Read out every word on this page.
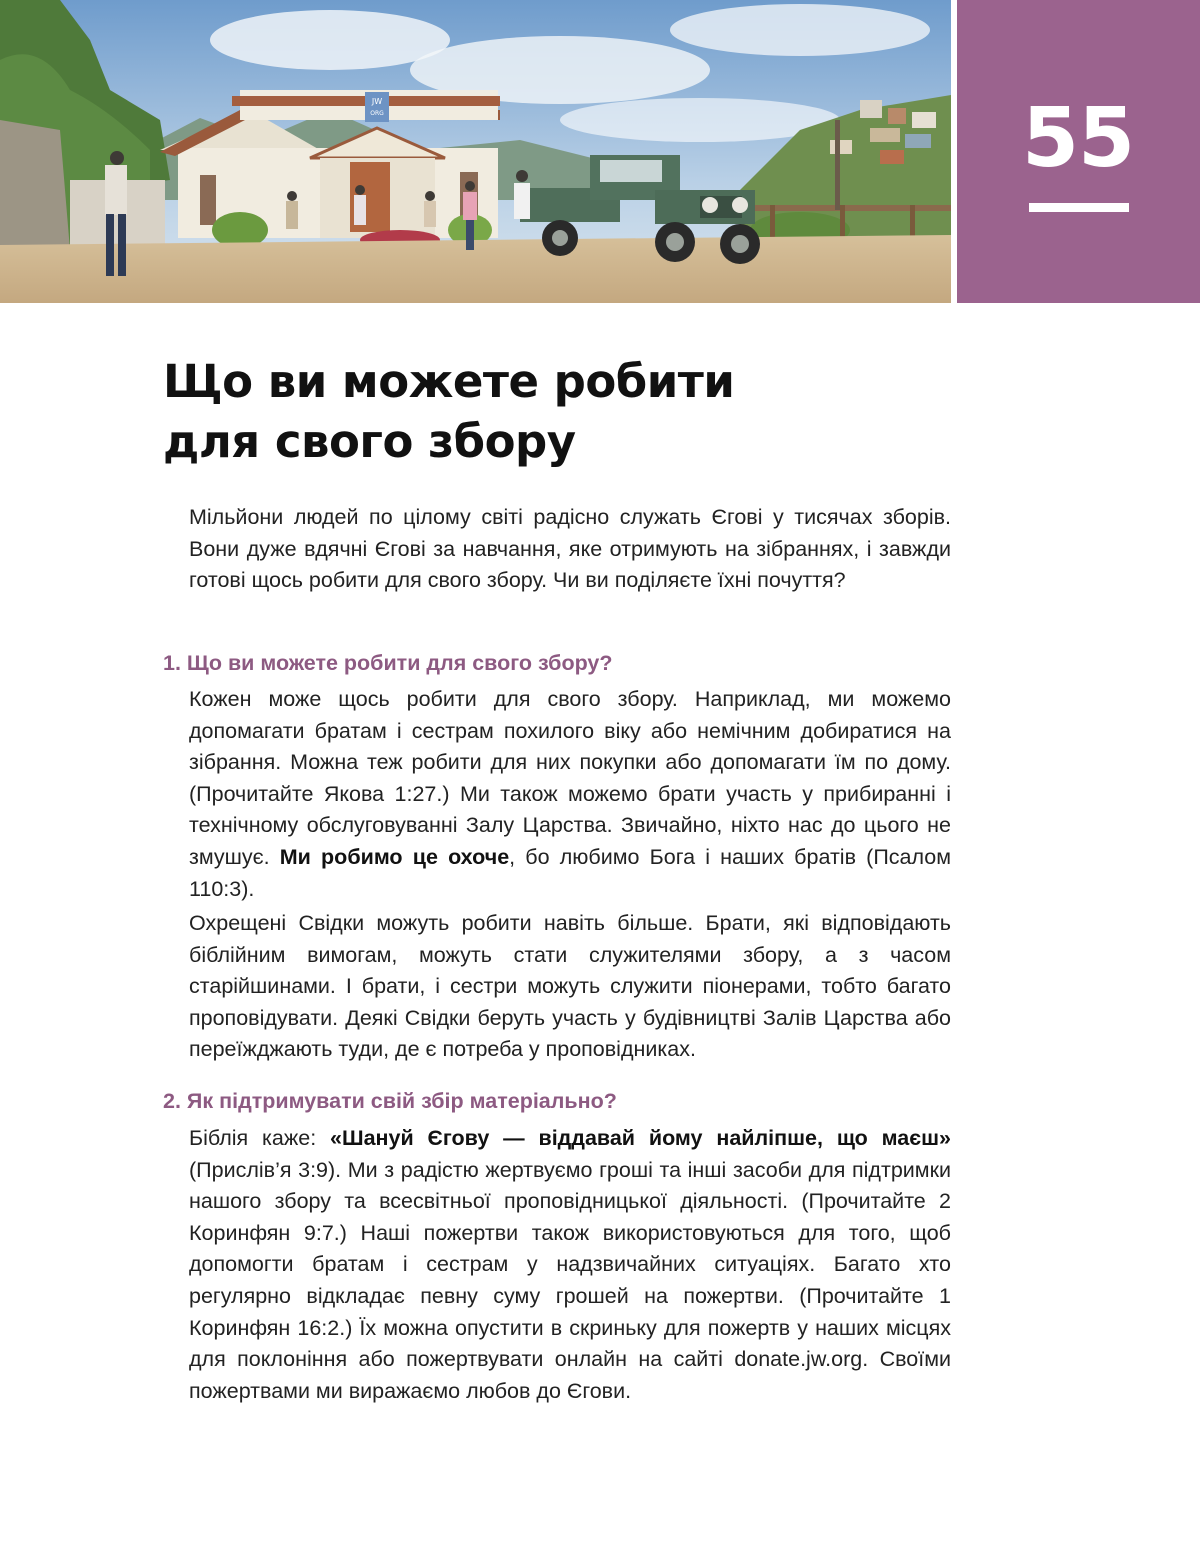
JW
ORG	55
Що ви можете робити
для свого збору

Мільйони людей по цілому світі радісно служать Єгові у тисячах зборів. Вони дуже вдячні Єгові за навчання, яке отримують на зібраннях, і завжди готові щось робити для свого збору. Чи ви поділяєте їхні почуття?

1. Що ви можете робити для свого збору?

Кожен може щось робити для свого збору. Наприклад, ми можемо допомагати братам і сестрам похилого віку або немічним добиратися на зібрання. Можна теж робити для них покупки або допомагати їм по дому. (Прочитайте Якова 1:27.) Ми також можемо брати участь у прибиранні і технічному обслуговуванні Залу Царства. Звичайно, ніхто нас до цього не змушує. Ми робимо це охоче, бо любимо Бога і наших братів (Псалом 110:3).

Охрещені Свідки можуть робити навіть більше. Брати, які відповідають біблійним вимогам, можуть стати служителями збору, а з часом старійшинами. І брати, і сестри можуть служити піонерами, тобто багато проповідувати. Деякі Свідки беруть участь у будівництві Залів Царства або переїжджають туди, де є потреба у проповідниках.

2. Як підтримувати свій збір матеріально?

Біблія каже: «Шануй Єгову — віддавай йому найліпше, що маєш» (Прислів’я 3:9). Ми з радістю жертвуємо гроші та інші засоби для підтримки нашого збору та всесвітньої проповідницької діяльності. (Прочитайте 2 Коринфян 9:7.) Наші пожертви також використовуються для того, щоб допомогти братам і сестрам у надзвичайних ситуаціях. Багато хто регулярно відкладає певну суму грошей на пожертви. (Прочитайте 1 Коринфян 16:2.) Їх можна опустити в скриньку для пожертв у наших місцях для поклоніння або пожертвувати онлайн на сайті donate.jw.org. Своїми пожертвами ми виражаємо любов до Єгови.
